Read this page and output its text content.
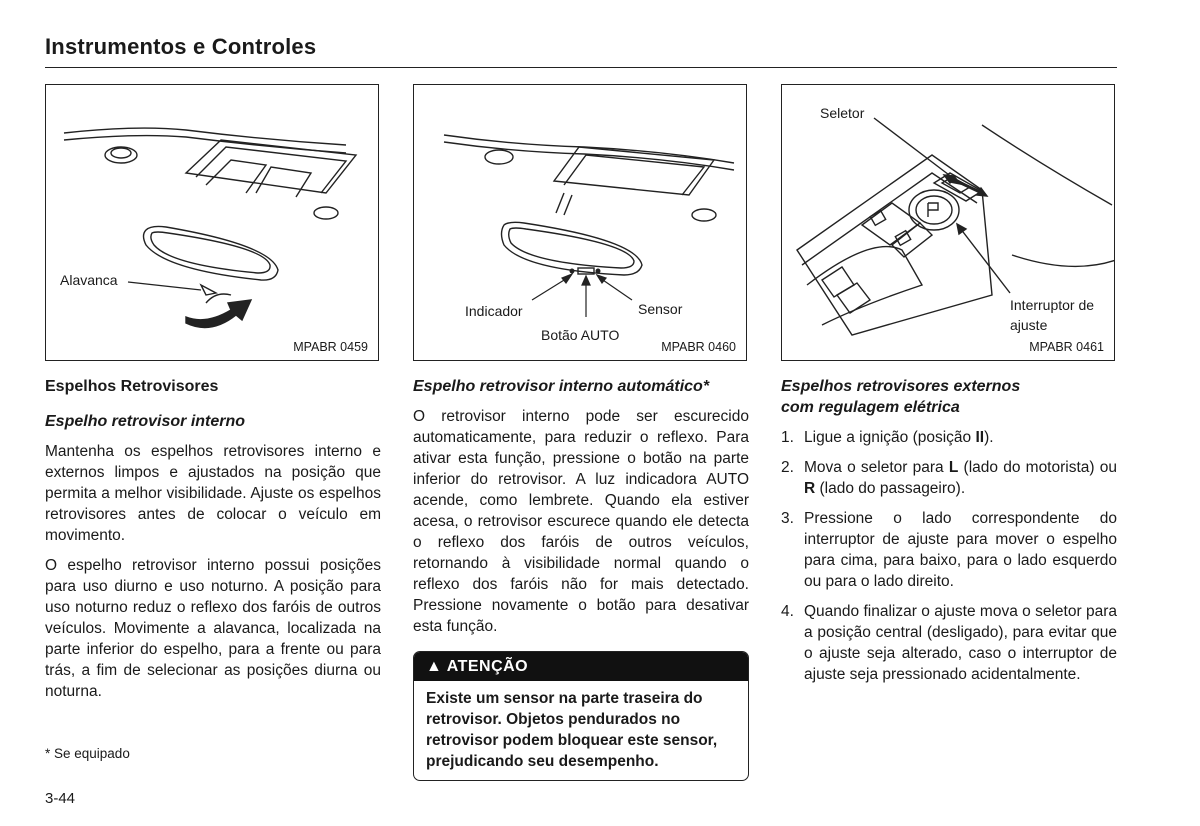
Instrumentos e Controles
Alavanca
MPABR 0459
Indicador	Sensor
Botão AUTO
MPABR 0460
Seletor
Interruptor de ajuste
MPABR 0461
Espelhos Retrovisores
Espelho retrovisor interno

Mantenha os espelhos retrovisores interno e externos limpos e ajustados na posição que permita a melhor visibilidade. Ajuste os espelhos retrovisores antes de colocar o veículo em movimento.

O espelho retrovisor interno possui posições para uso diurno e uso noturno. A posição para uso noturno reduz o reflexo dos faróis de outros veículos. Movimente a alavanca, localizada na parte inferior do espelho, para a frente ou para trás, a fim de selecionar as posições diurna ou noturna.

* Se equipado
Espelho retrovisor interno automático*

O retrovisor interno pode ser escurecido automaticamente, para reduzir o reflexo. Para ativar esta função, pressione o botão na parte inferior do retrovisor. A luz indicadora AUTO acende, como lembrete. Quando ela estiver acesa, o retrovisor escurece quando ele detecta o reflexo dos faróis de outros veículos, retornando à visibilidade normal quando o reflexo dos faróis não for mais detectado. Pressione novamente o botão para desativar esta função.

▲ ATENÇÃO
Existe um sensor na parte traseira do retrovisor. Objetos pendurados no retrovisor podem bloquear este sensor, prejudicando seu desempenho.
Espelhos retrovisores externos
com regulagem elétrica
1. Ligue a ignição (posição II).
2. Mova o seletor para L (lado do motorista) ou R (lado do passageiro).
3. Pressione o lado correspondente do interruptor de ajuste para mover o espelho para cima, para baixo, para o lado esquerdo ou para o lado direito.
4. Quando finalizar o ajuste mova o seletor para a posição central (desligado), para evitar que o ajuste seja alterado, caso o interruptor de ajuste seja pressionado acidentalmente.
3-44
